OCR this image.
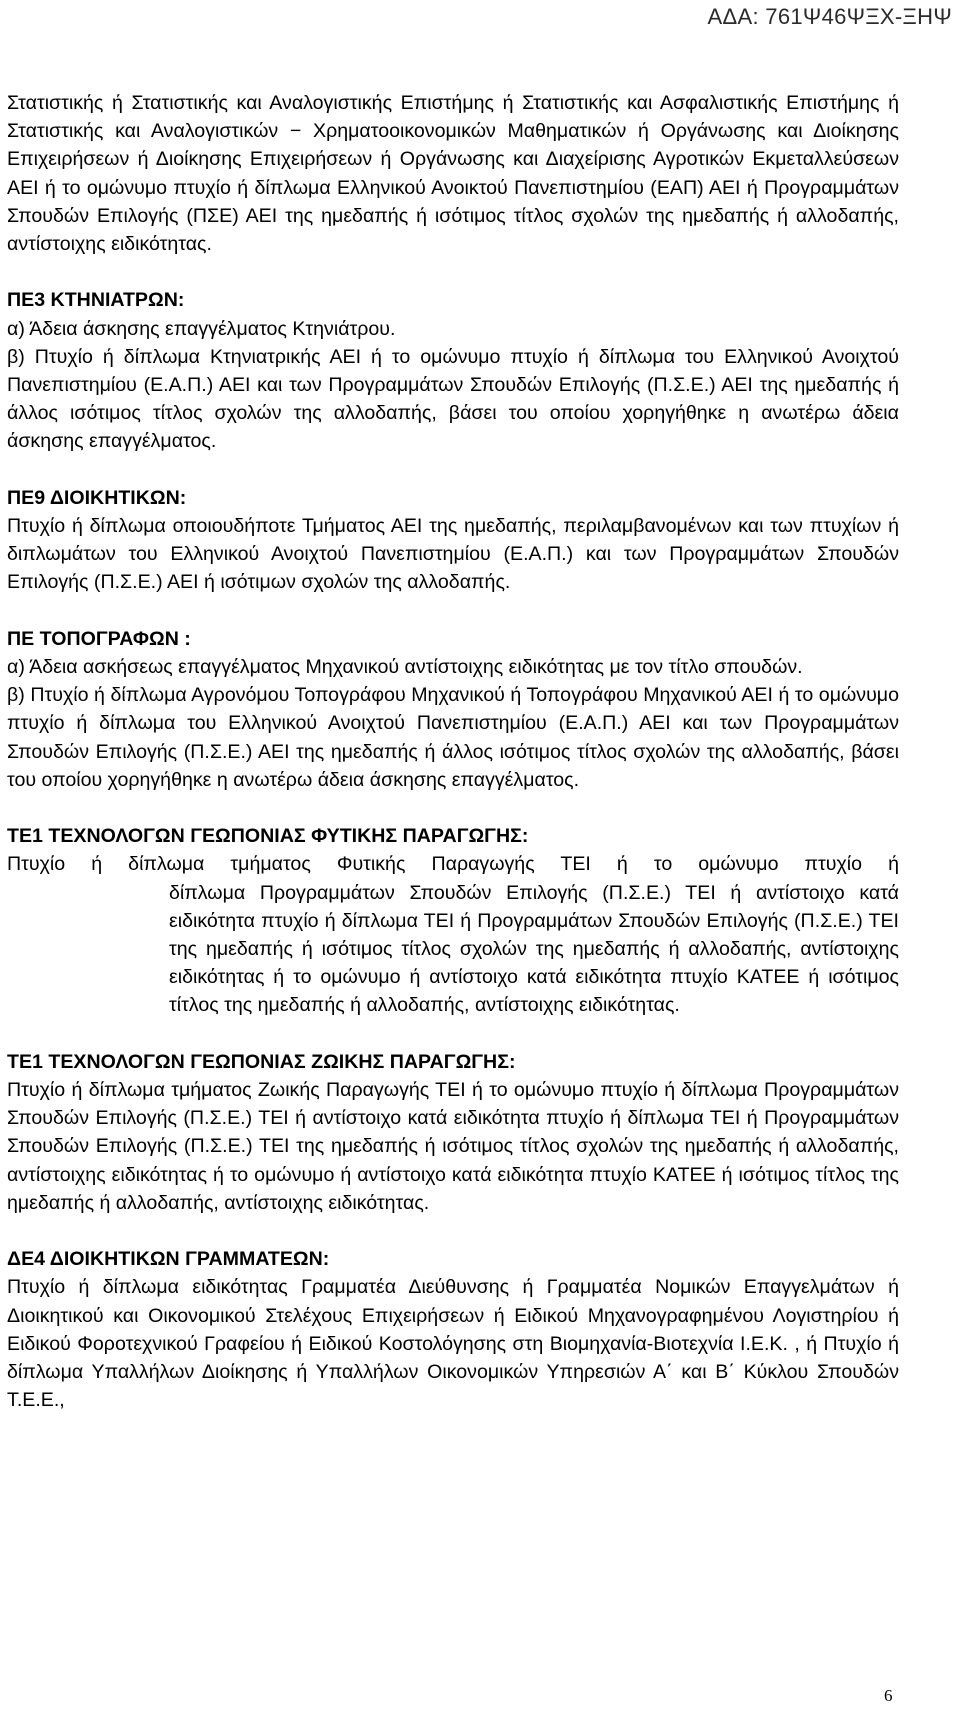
ΑΔΑ: 761Ψ46ΨΞΧ-ΞΗΨ

Στατιστικής ή Στατιστικής και Αναλογιστικής Επιστήμης ή Στατιστικής και Ασφαλιστικής Επιστήμης ή Στατιστικής και Αναλογιστικών − Χρηματοοικονομικών Μαθηματικών ή Οργάνωσης και Διοίκησης Επιχειρήσεων ή Διοίκησης Επιχειρήσεων ή Οργάνωσης και Διαχείρισης Αγροτικών Εκμεταλλεύσεων ΑΕΙ ή το ομώνυμο πτυχίο ή δίπλωμα Ελληνικού Ανοικτού Πανεπιστημίου (ΕΑΠ) ΑΕΙ ή Προγραμμάτων Σπουδών Επιλογής (ΠΣΕ) ΑΕΙ της ημεδαπής ή ισότιμος τίτλος σχολών της ημεδαπής ή αλλοδαπής, αντίστοιχης ειδικότητας.

ΠΕ3 ΚΤΗΝΙΑΤΡΩΝ:

α) Άδεια άσκησης επαγγέλματος Κτηνιάτρου.

β) Πτυχίο ή δίπλωμα Κτηνιατρικής ΑΕΙ ή το ομώνυμο πτυχίο ή δίπλωμα του Ελληνικού Ανοιχτού Πανεπιστημίου (Ε.Α.Π.) ΑΕΙ και των Προγραμμάτων Σπουδών Επιλογής (Π.Σ.Ε.) ΑΕΙ της ημεδαπής ή άλλος ισότιμος τίτλος σχολών της αλλοδαπής, βάσει του οποίου χορηγήθηκε η ανωτέρω άδεια άσκησης επαγγέλματος.

ΠΕ9 ΔΙΟΙΚΗΤΙΚΩΝ:

Πτυχίο ή δίπλωμα οποιουδήποτε Τμήματος ΑΕΙ της ημεδαπής, περιλαμβανομένων και των πτυχίων ή διπλωμάτων του Ελληνικού Ανοιχτού Πανεπιστημίου (Ε.Α.Π.) και των Προγραμμάτων Σπουδών Επιλογής (Π.Σ.Ε.) ΑΕΙ ή ισότιμων σχολών της αλλοδαπής.

ΠΕ ΤΟΠΟΓΡΑΦΩΝ :

α) Άδεια ασκήσεως επαγγέλματος Μηχανικού αντίστοιχης ειδικότητας με τον τίτλο σπουδών.

β) Πτυχίο ή δίπλωμα Αγρονόμου Τοπογράφου Μηχανικού ή Τοπογράφου Μηχανικού ΑΕΙ ή το ομώνυμο πτυχίο ή δίπλωμα του Ελληνικού Ανοιχτού Πανεπιστημίου (Ε.Α.Π.) ΑΕΙ και των Προγραμμάτων Σπουδών Επιλογής (Π.Σ.Ε.) ΑΕΙ της ημεδαπής ή άλλος ισότιμος τίτλος σχολών της αλλοδαπής, βάσει του οποίου χορηγήθηκε η ανωτέρω άδεια άσκησης επαγγέλματος.

ΤΕ1 ΤΕΧΝΟΛΟΓΩΝ ΓΕΩΠΟΝΙΑΣ ΦΥΤΙΚΗΣ ΠΑΡΑΓΩΓΗΣ:

Πτυχίο ή δίπλωμα τμήματος Φυτικής Παραγωγής ΤΕΙ ή το ομώνυμο πτυχίο ή

δίπλωμα Προγραμμάτων Σπουδών Επιλογής (Π.Σ.Ε.) ΤΕΙ ή αντίστοιχο κατά ειδικότητα πτυχίο ή δίπλωμα ΤΕΙ ή Προγραμμάτων Σπουδών Επιλογής (Π.Σ.Ε.) ΤΕΙ της ημεδαπής ή ισότιμος τίτλος σχολών της ημεδαπής ή αλλοδαπής, αντίστοιχης ειδικότητας ή το ομώνυμο ή αντίστοιχο κατά ειδικότητα πτυχίο ΚΑΤΕΕ ή ισότιμος τίτλος της ημεδαπής ή αλλοδαπής, αντίστοιχης ειδικότητας.

ΤΕ1 ΤΕΧΝΟΛΟΓΩΝ ΓΕΩΠΟΝΙΑΣ ΖΩΙΚΗΣ ΠΑΡΑΓΩΓΗΣ:

Πτυχίο ή δίπλωμα τμήματος Ζωικής Παραγωγής ΤΕΙ ή το ομώνυμο πτυχίο ή δίπλωμα Προγραμμάτων Σπουδών Επιλογής (Π.Σ.Ε.) ΤΕΙ ή αντίστοιχο κατά ειδικότητα πτυχίο ή δίπλωμα ΤΕΙ ή Προγραμμάτων Σπουδών Επιλογής (Π.Σ.Ε.) ΤΕΙ της ημεδαπής ή ισότιμος τίτλος σχολών της ημεδαπής ή αλλοδαπής, αντίστοιχης ειδικότητας ή το ομώνυμο ή αντίστοιχο κατά ειδικότητα πτυχίο ΚΑΤΕΕ ή ισότιμος τίτλος της ημεδαπής ή αλλοδαπής, αντίστοιχης ειδικότητας.

ΔΕ4 ΔΙΟΙΚΗΤΙΚΩΝ ΓΡΑΜΜΑΤΕΩΝ:

Πτυχίο ή δίπλωμα ειδικότητας Γραμματέα Διεύθυνσης ή Γραμματέα Νομικών Επαγγελμάτων ή Διοικητικού και Οικονομικού Στελέχους Επιχειρήσεων ή Ειδικού Μηχανογραφημένου Λογιστηρίου ή Ειδικού Φοροτεχνικού Γραφείου ή Ειδικού Κοστολόγησης στη Βιομηχανία-Βιοτεχνία Ι.Ε.Κ. , ή Πτυχίο ή δίπλωμα Υπαλλήλων Διοίκησης ή Υπαλλήλων Οικονομικών Υπηρεσιών Α΄ και Β΄ Κύκλου Σπουδών Τ.Ε.Ε.,

6
